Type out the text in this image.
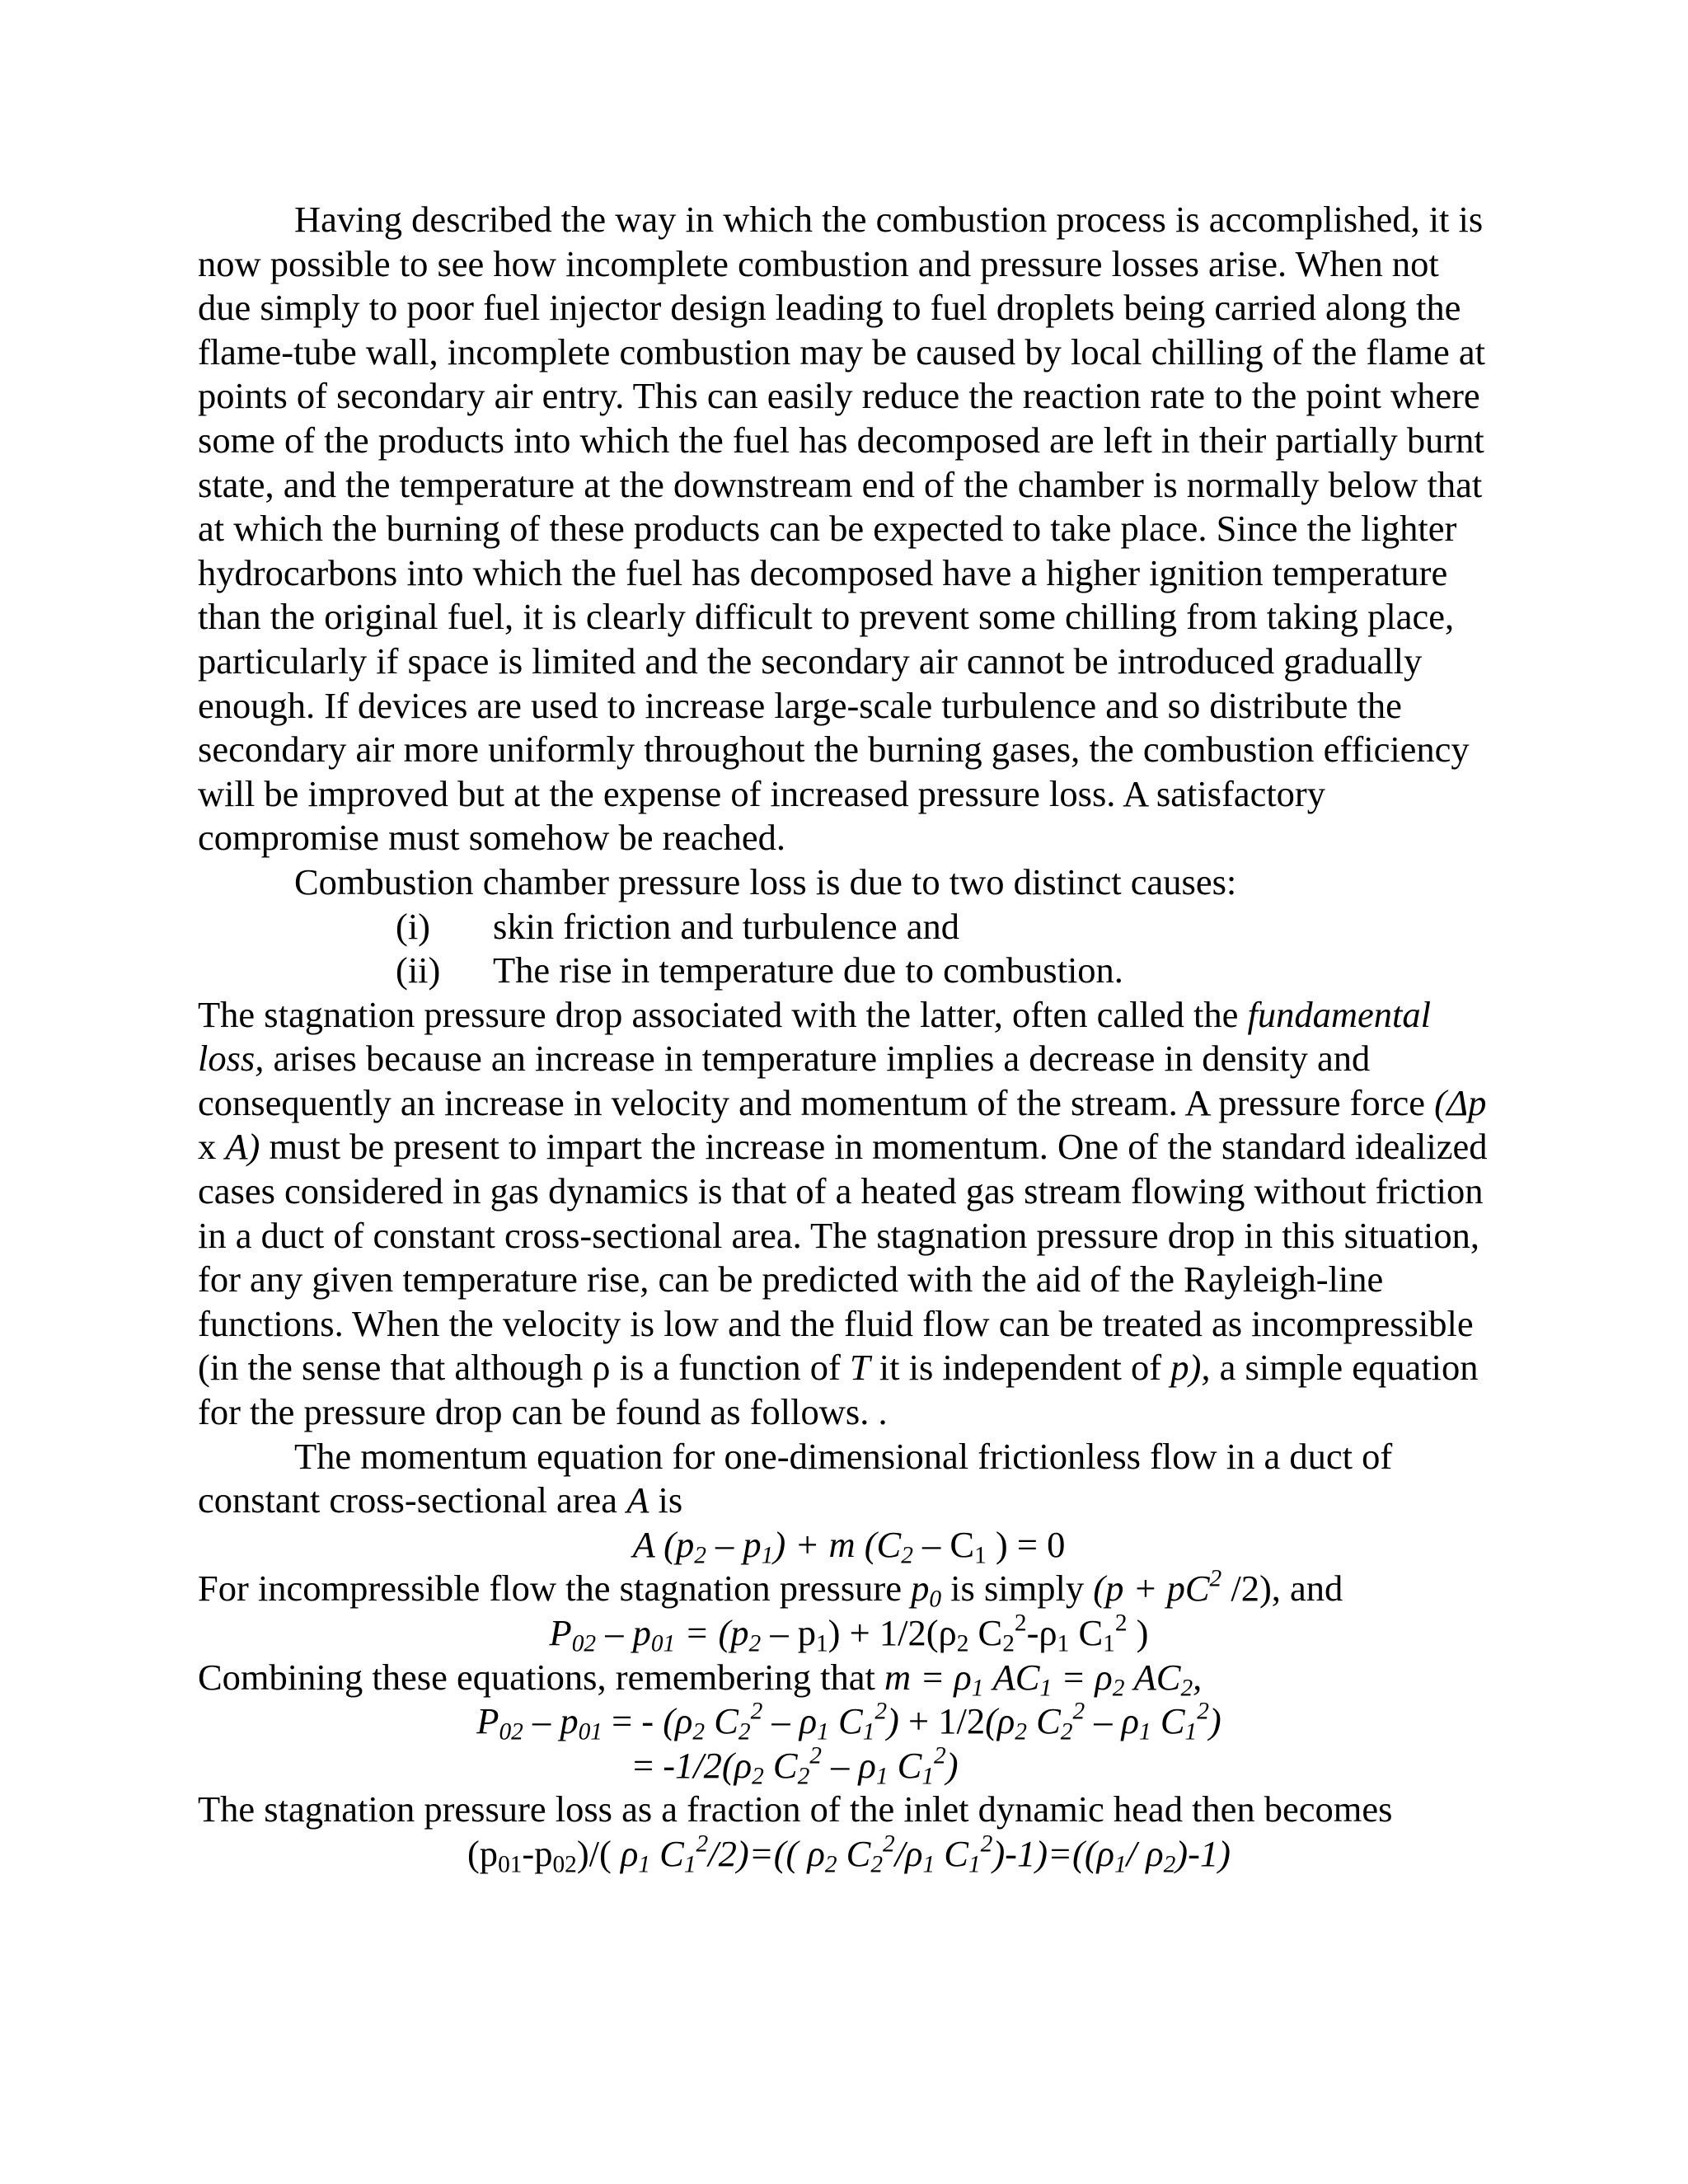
Having described the way in which the combustion process is accomplished, it is now possible to see how incomplete combustion and pressure losses arise. When not due simply to poor fuel injector design leading to fuel droplets being carried along the flame-tube wall, incomplete combustion may be caused by local chilling of the flame at points of secondary air entry. This can easily reduce the reaction rate to the point where some of the products into which the fuel has decomposed are left in their partially burnt state, and the temperature at the downstream end of the chamber is normally below that at which the burning of these products can be expected to take place. Since the lighter hydrocarbons into which the fuel has decomposed have a higher ignition temperature than the original fuel, it is clearly difficult to prevent some chilling from taking place, particularly if space is limited and the secondary air cannot be introduced gradually enough. If devices are used to increase large-scale turbulence and so distribute the secondary air more uniformly throughout the burning gases, the combustion efficiency will be improved but at the expense of increased pressure loss. A satisfactory compromise must somehow be reached.

Combustion chamber pressure loss is due to two distinct causes:

(i)	skin friction and turbulence and
(ii)	The rise in temperature due to combustion.

The stagnation pressure drop associated with the latter, often called the fundamental loss, arises because an increase in temperature implies a decrease in density and consequently an increase in velocity and momentum of the stream. A pressure force (Δp x A) must be present to impart the increase in momentum. One of the standard idealized cases considered in gas dynamics is that of a heated gas stream flowing without friction in a duct of constant cross-sectional area. The stagnation pressure drop in this situation, for any given temperature rise, can be predicted with the aid of the Rayleigh-line functions. When the velocity is low and the fluid flow can be treated as incompressible (in the sense that although ρ is a function of T it is independent of p), a simple equation for the pressure drop can be found as follows. .

The momentum equation for one-dimensional frictionless flow in a duct of constant cross-sectional area A is

A $(p_2 - p_1) + m$ ($C_2 - C_1$ ) = 0

For incompressible flow the stagnation pressure $p_0$ is simply ($p + pC^2$ /2), and

$P_{02} - p_{01} = (p_2 - p_1) + 1/2(\rho_2$ $C_2^2-\rho_1$ $C_1^2$ )

Combining these equations, remembering that $m = \rho_1$ $AC_1 = \rho_2$ $AC_2$,

$P_{02} - p_{01}$ = - ($\rho_2$ $C_2^2 - \rho_1$ $C_1^2) + 1/2(\rho_2$ $C_2^2 - \rho_1$ $C_1^2$)

= $-1/2(\rho_2$ $C_2^2 - \rho_1$ $C_1^2$)

The stagnation pressure loss as a fraction of the inlet dynamic head then becomes

$(p_{01}-p_{02})/$( $\rho_1$ $C_1^2/2)=$(( $\rho_2$ $C_2^2/\rho_1$ $C_1^2)-1)=((\rho_1/$ $\rho_2)-1$)
